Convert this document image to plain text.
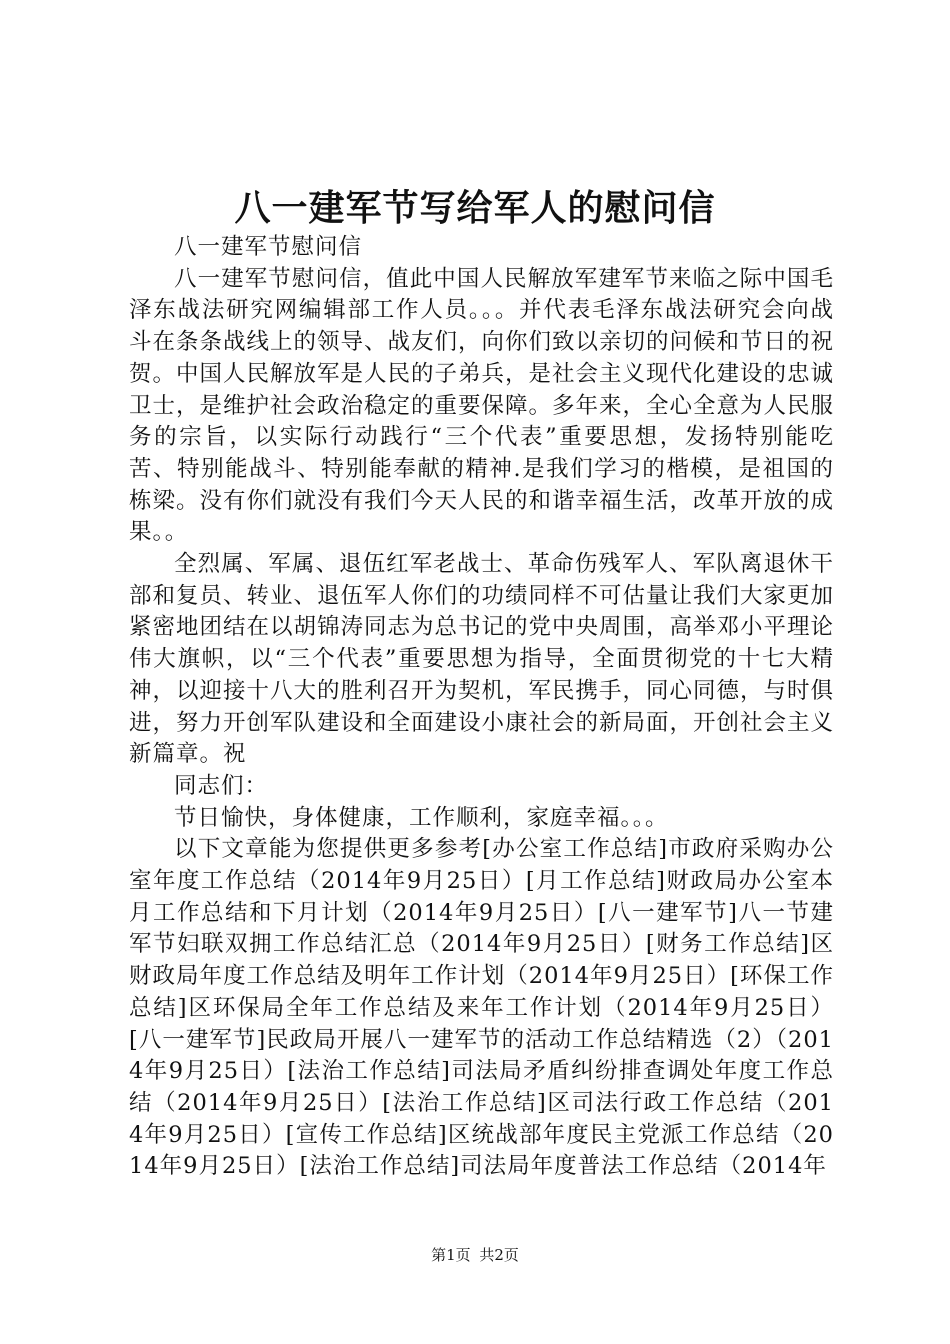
八一建军节写给军人的慰问信

八一建军节慰问信

八一建军节慰问信，值此中国人民解放军建军节来临之际中国毛泽东战法研究网编辑部工作人员。。。并代表毛泽东战法研究会向战斗在条条战线上的领导、战友们，向你们致以亲切的问候和节日的祝贺。中国人民解放军是人民的子弟兵，是社会主义现代化建设的忠诚卫士，是维护社会政治稳定的重要保障。多年来，全心全意为人民服务的宗旨，以实际行动践行“三个代表”重要思想，发扬特别能吃苦、特别能战斗、特别能奉献的精神.是我们学习的楷模，是祖国的栋梁。没有你们就没有我们今天人民的和谐幸福生活，改革开放的成果。。

全烈属、军属、退伍红军老战士、革命伤残军人、军队离退休干部和复员、转业、退伍军人你们的功绩同样不可估量让我们大家更加紧密地团结在以胡锦涛同志为总书记的党中央周围，高举邓小平理论伟大旗帜，以“三个代表”重要思想为指导，全面贯彻党的十七大精神，以迎接十八大的胜利召开为契机，军民携手，同心同德，与时俱进，努力开创军队建设和全面建设小康社会的新局面，开创社会主义新篇章。祝

同志们：

节日愉快，身体健康，工作顺利，家庭幸福。。。

以下文章能为您提供更多参考[办公室工作总结]市政府采购办公室年度工作总结（2014年9月25日）[月工作总结]财政局办公室本月工作总结和下月计划（2014年9月25日）[八一建军节]八一节建军节妇联双拥工作总结汇总（2014年9月25日）[财务工作总结]区财政局年度工作总结及明年工作计划（2014年9月25日）[环保工作总结]区环保局全年工作总结及来年工作计划（2014年9月25日）[八一建军节]民政局开展八一建军节的活动工作总结精选（2）（2014年9月25日）[法治工作总结]司法局矛盾纠纷排查调处年度工作总结（2014年9月25日）[法治工作总结]区司法行政工作总结（2014年9月25日）[宣传工作总结]区统战部年度民主党派工作总结（2014年9月25日）[法治工作总结]司法局年度普法工作总结（2014年

第1页 共2页
